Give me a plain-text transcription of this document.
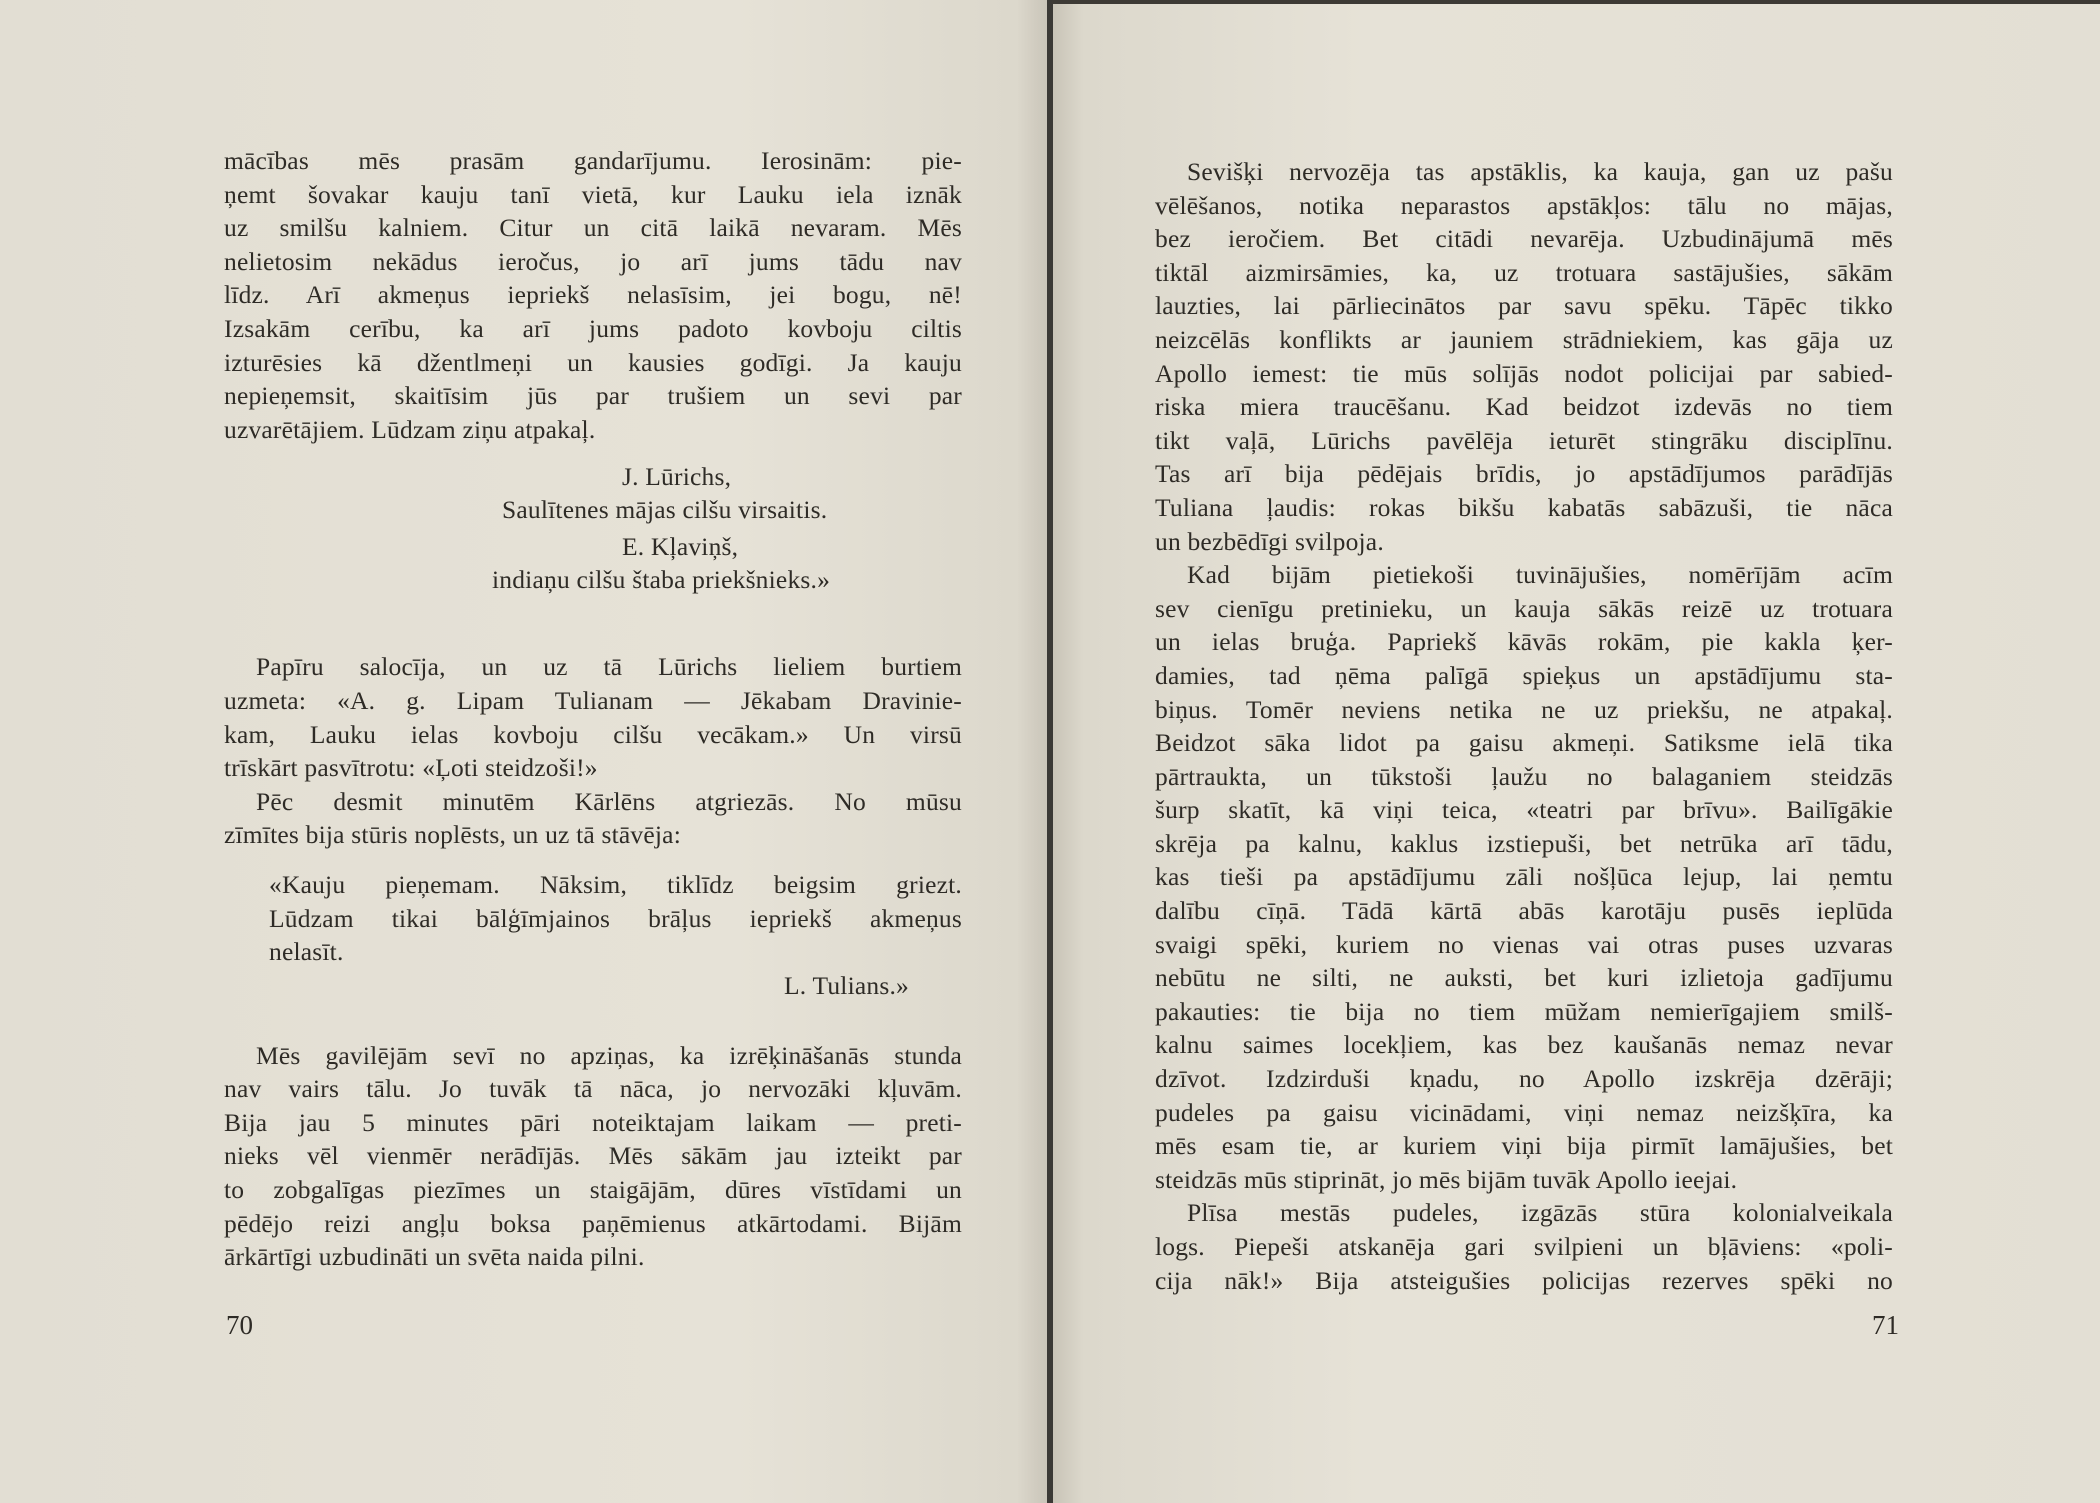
mācības mēs prasām gandarījumu. Ierosinām: pie-
ņemt šovakar kauju tanī vietā, kur Lauku iela iznāk
uz smilšu kalniem. Citur un citā laikā nevaram. Mēs
nelietosim nekādus ieročus, jo arī jums tādu nav
līdz. Arī akmeņus iepriekš nelasīsim, jei bogu, nē!
Izsakām cerību, ka arī jums padoto kovboju ciltis
izturēsies kā džentlmeņi un kausies godīgi. Ja kauju
nepieņemsit, skaitīsim jūs par trušiem un sevi par
uzvarētājiem. Lūdzam ziņu atpakaļ.
J. Lūrichs,
Saulītenes mājas cilšu virsaitis.
E. Kļaviņš,
indiaņu cilšu štaba priekšnieks.»
Papīru salocīja, un uz tā Lūrichs lieliem burtiem
uzmeta: «A. g. Lipam Tulianam — Jēkabam Dravinie-
kam, Lauku ielas kovboju cilšu vecākam.» Un virsū
trīskārt pasvītrotu: «Ļoti steidzoši!»
Pēc desmit minutēm Kārlēns atgriezās. No mūsu
zīmītes bija stūris noplēsts, un uz tā stāvēja:
«Kauju pieņemam. Nāksim, tiklīdz beigsim griezt.
Lūdzam tikai bālģīmjainos brāļus iepriekš akmeņus
nelasīt.
L. Tulians.»
Mēs gavilējām sevī no apziņas, ka izrēķināšanās stunda
nav vairs tālu. Jo tuvāk tā nāca, jo nervozāki kļuvām.
Bija jau 5 minutes pāri noteiktajam laikam — preti-
nieks vēl vienmēr nerādījās. Mēs sākām jau izteikt par
to zobgalīgas piezīmes un staigājām, dūres vīstīdami un
pēdējo reizi angļu boksa paņēmienus atkārtodami. Bijām
ārkārtīgi uzbudināti un svēta naida pilni.
70
Sevišķi nervozēja tas apstāklis, ka kauja, gan uz pašu
vēlēšanos, notika neparastos apstākļos: tālu no mājas,
bez ieročiem. Bet citādi nevarēja. Uzbudinājumā mēs
tiktāl aizmirsāmies, ka, uz trotuara sastājušies, sākām
lauzties, lai pārliecinātos par savu spēku. Tāpēc tikko
neizcēlās konflikts ar jauniem strādniekiem, kas gāja uz
Apollo iemest: tie mūs solījās nodot policijai par sabied-
riska miera traucēšanu. Kad beidzot izdevās no tiem
tikt vaļā, Lūrichs pavēlēja ieturēt stingrāku disciplīnu.
Tas arī bija pēdējais brīdis, jo apstādījumos parādījās
Tuliana ļaudis: rokas bikšu kabatās sabāzuši, tie nāca
un bezbēdīgi svilpoja.
Kad bijām pietiekoši tuvinājušies, nomērījām acīm
sev cienīgu pretinieku, un kauja sākās reizē uz trotuara
un ielas bruģa. Papriekš kāvās rokām, pie kakla ķer-
damies, tad ņēma palīgā spieķus un apstādījumu sta-
biņus. Tomēr neviens netika ne uz priekšu, ne atpakaļ.
Beidzot sāka lidot pa gaisu akmeņi. Satiksme ielā tika
pārtraukta, un tūkstoši ļaužu no balaganiem steidzās
šurp skatīt, kā viņi teica, «teatri par brīvu». Bailīgākie
skrēja pa kalnu, kaklus izstiepuši, bet netrūka arī tādu,
kas tieši pa apstādījumu zāli nošļūca lejup, lai ņemtu
dalību cīņā. Tādā kārtā abās karotāju pusēs ieplūda
svaigi spēki, kuriem no vienas vai otras puses uzvaras
nebūtu ne silti, ne auksti, bet kuri izlietoja gadījumu
pakauties: tie bija no tiem mūžam nemierīgajiem smilš-
kalnu saimes locekļiem, kas bez kaušanās nemaz nevar
dzīvot. Izdzirduši kņadu, no Apollo izskrēja dzērāji;
pudeles pa gaisu vicinādami, viņi nemaz neizšķīra, ka
mēs esam tie, ar kuriem viņi bija pirmīt lamājušies, bet
steidzās mūs stiprināt, jo mēs bijām tuvāk Apollo ieejai.
Plīsa mestās pudeles, izgāzās stūra kolonialveikala
logs. Piepeši atskanēja gari svilpieni un bļāviens: «poli-
cija nāk!» Bija atsteigušies policijas rezerves spēki no
71
